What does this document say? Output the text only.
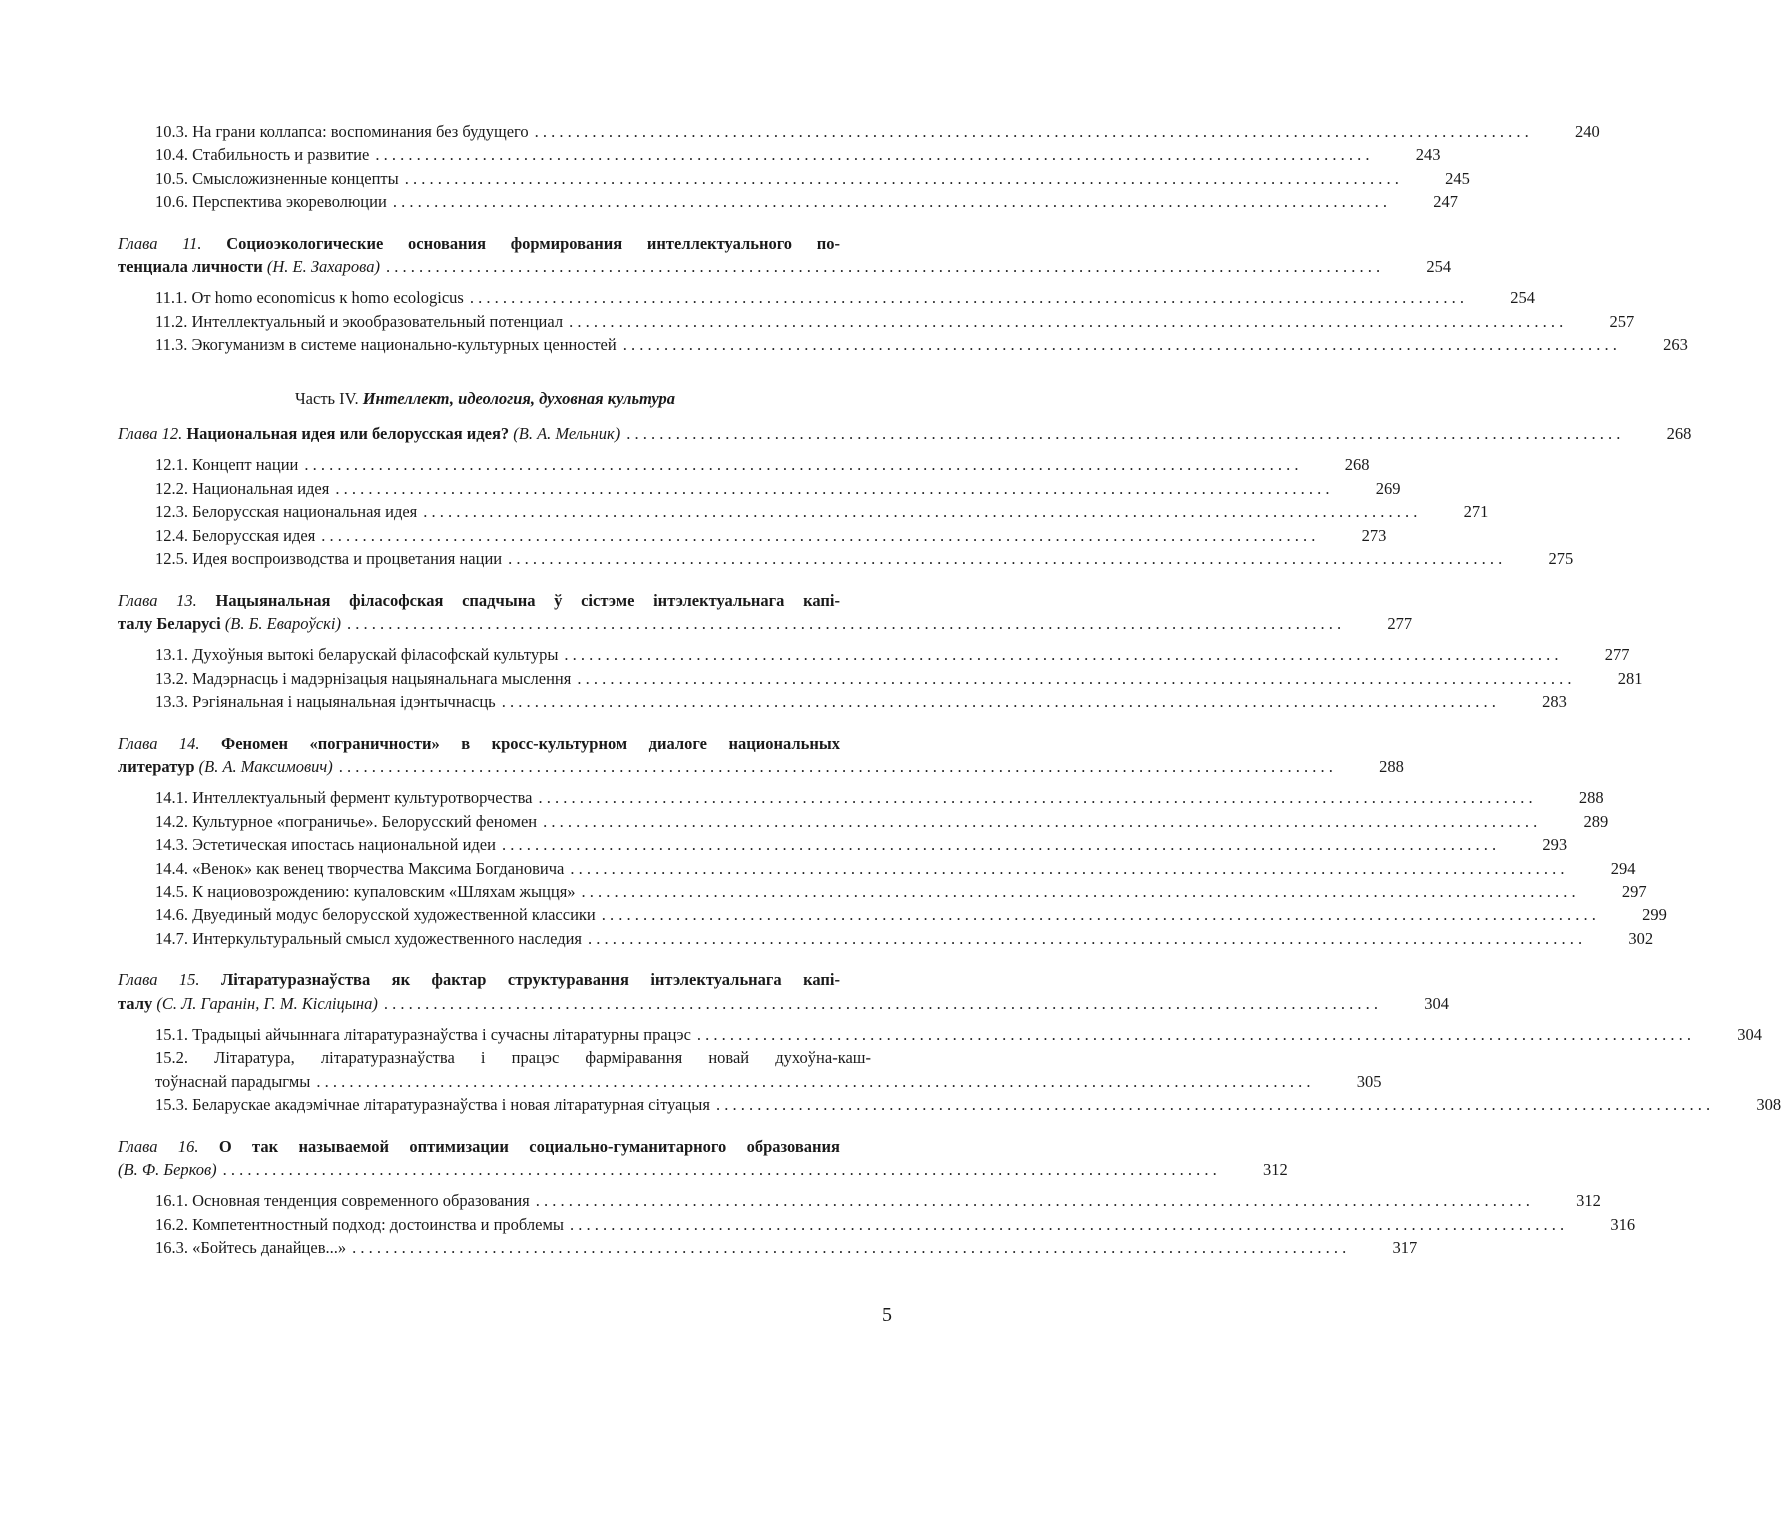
10.3. На грани коллапса: воспоминания без будущего . . .	240
10.4. Стабильность и развитие . . .	243
10.5. Смысложизненные концепты . . .	245
10.6. Перспектива экореволюции . . .	247
Глава 11. Социоэкологические основания формирования интеллектуального по-
тенциала личности (Н. Е. Захарова) . . .	254
11.1. От homo economicus к homo ecologicus . . .	254
11.2. Интеллектуальный и экообразовательный потенциал . . .	257
11.3. Экогуманизм в системе национально-культурных ценностей . . .	263
Часть IV. Интеллект, идеология, духовная культура
Глава 12. Национальная идея или белорусская идея? (В. А. Мельник) . . .	268
12.1. Концепт нации . . .	268
12.2. Национальная идея . . .	269
12.3. Белорусская национальная идея . . .	271
12.4. Белорусская идея . . .	273
12.5. Идея воспроизводства и процветания нации . . .	275
Глава 13. Нацыянальная філасофская спадчына ў сістэме інтэлектуальнага капі-
талу Беларусі (В. Б. Евароўскі) . . .	277
13.1. Духоўныя вытокі беларускай філасофскай культуры . . .	277
13.2. Мадэрнасць і мадэрнізацыя нацыянальнага мыслення . . .	281
13.3. Рэгіянальная і нацыянальная ідэнтычнасць . . .	283
Глава 14. Феномен «пограничности» в кросс-культурном диалоге национальных
литератур (В. А. Максимович) . . .	288
14.1. Интеллектуальный фермент культуротворчества . . .	288
14.2. Культурное «пограничье». Белорусский феномен . . .	289
14.3. Эстетическая ипостась национальной идеи . . .	293
14.4. «Венок» как венец творчества Максима Богдановича . . .	294
14.5. К нациовозрождению: купаловским «Шляхам жыцця» . . .	297
14.6. Двуединый модус белорусской художественной классики . . .	299
14.7. Интеркультуральный смысл художественного наследия . . .	302
Глава 15. Літаратуразнаўства як фактар структуравання інтэлектуальнага капі-
талу (С. Л. Гаранін, Г. М. Кісліцына) . . .	304
15.1. Традыцыі айчыннага літаратуразнаўства і сучасны літаратурны працэс . . .	304
15.2. Літаратура, літаратуразнаўства і працэс фарміравання новай духоўна-каш-
тоўнаснай парадыгмы . . .	305
15.3. Беларускае акадэмічнае літаратуразнаўства і новая літаратурная сітуацыя . . .	308
Глава 16. О так называемой оптимизации социально-гуманитарного образования
(В. Ф. Берков) . . .	312
16.1. Основная тенденция современного образования . . .	312
16.2. Компетентностный подход: достоинства и проблемы . . .	316
16.3. «Бойтесь данайцев...» . . .	317
5
